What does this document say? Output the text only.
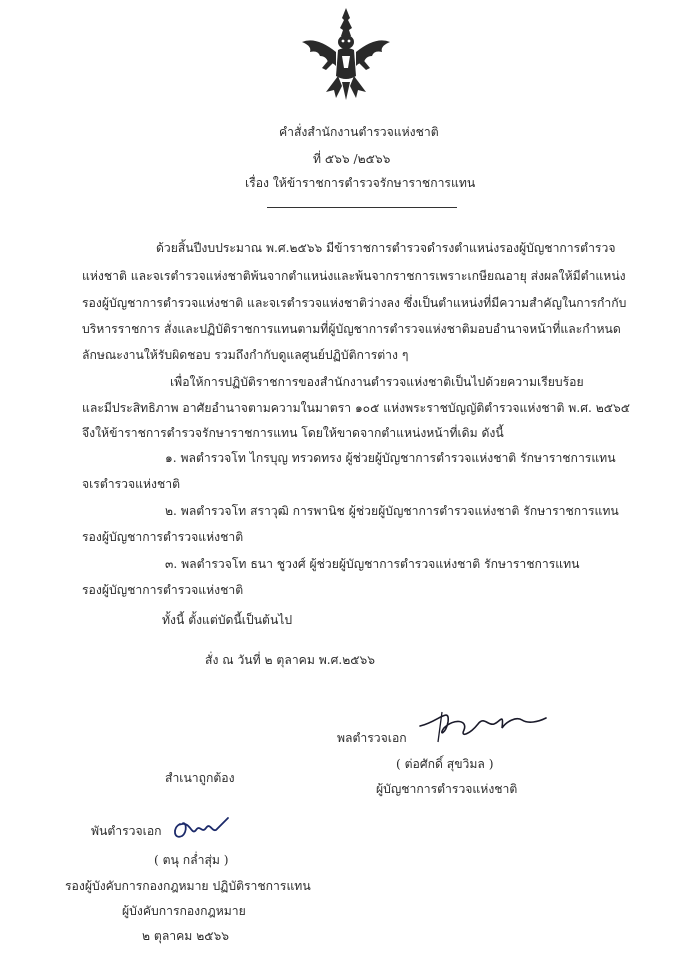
คำสั่งสำนักงานตำรวจแห่งชาติ
ที่ ๕๖๖ /๒๕๖๖
เรื่อง ให้ข้าราชการตำรวจรักษาราชการแทน
ด้วยสิ้นปีงบประมาณ พ.ศ.๒๕๖๖ มีข้าราชการตำรวจดำรงตำแหน่งรองผู้บัญชาการตำรวจ
แห่งชาติ และจเรตำรวจแห่งชาติพ้นจากตำแหน่งและพ้นจากราชการเพราะเกษียณอายุ ส่งผลให้มีตำแหน่ง
รองผู้บัญชาการตำรวจแห่งชาติ และจเรตำรวจแห่งชาติว่างลง ซึ่งเป็นตำแหน่งที่มีความสำคัญในการกำกับ
บริหารราชการ สั่งและปฏิบัติราชการแทนตามที่ผู้บัญชาการตำรวจแห่งชาติมอบอำนาจหน้าที่และกำหนด
ลักษณะงานให้รับผิดชอบ รวมถึงกำกับดูแลศูนย์ปฏิบัติการต่าง ๆ
เพื่อให้การปฏิบัติราชการของสำนักงานตำรวจแห่งชาติเป็นไปด้วยความเรียบร้อย
และมีประสิทธิภาพ อาศัยอำนาจตามความในมาตรา ๑๐๕ แห่งพระราชบัญญัติตำรวจแห่งชาติ พ.ศ. ๒๕๖๕
จึงให้ข้าราชการตำรวจรักษาราชการแทน โดยให้ขาดจากตำแหน่งหน้าที่เดิม ดังนี้
๑. พลตำรวจโท ไกรบุญ ทรวดทรง ผู้ช่วยผู้บัญชาการตำรวจแห่งชาติ รักษาราชการแทน
จเรตำรวจแห่งชาติ
๒. พลตำรวจโท สราวุฒิ การพานิช ผู้ช่วยผู้บัญชาการตำรวจแห่งชาติ รักษาราชการแทน
รองผู้บัญชาการตำรวจแห่งชาติ
๓. พลตำรวจโท ธนา ชูวงศ์ ผู้ช่วยผู้บัญชาการตำรวจแห่งชาติ รักษาราชการแทน
รองผู้บัญชาการตำรวจแห่งชาติ
ทั้งนี้ ตั้งแต่บัดนี้เป็นต้นไป
สั่ง ณ วันที่ ๒ ตุลาคม พ.ศ.๒๕๖๖
พลตำรวจเอก
( ต่อศักดิ์ สุขวิมล )
ผู้บัญชาการตำรวจแห่งชาติ
สำเนาถูกต้อง
พันตำรวจเอก
( ตนุ กล่ำสุ่ม )
รองผู้บังคับการกองกฎหมาย ปฏิบัติราชการแทน
ผู้บังคับการกองกฎหมาย
๒ ตุลาคม ๒๕๖๖
